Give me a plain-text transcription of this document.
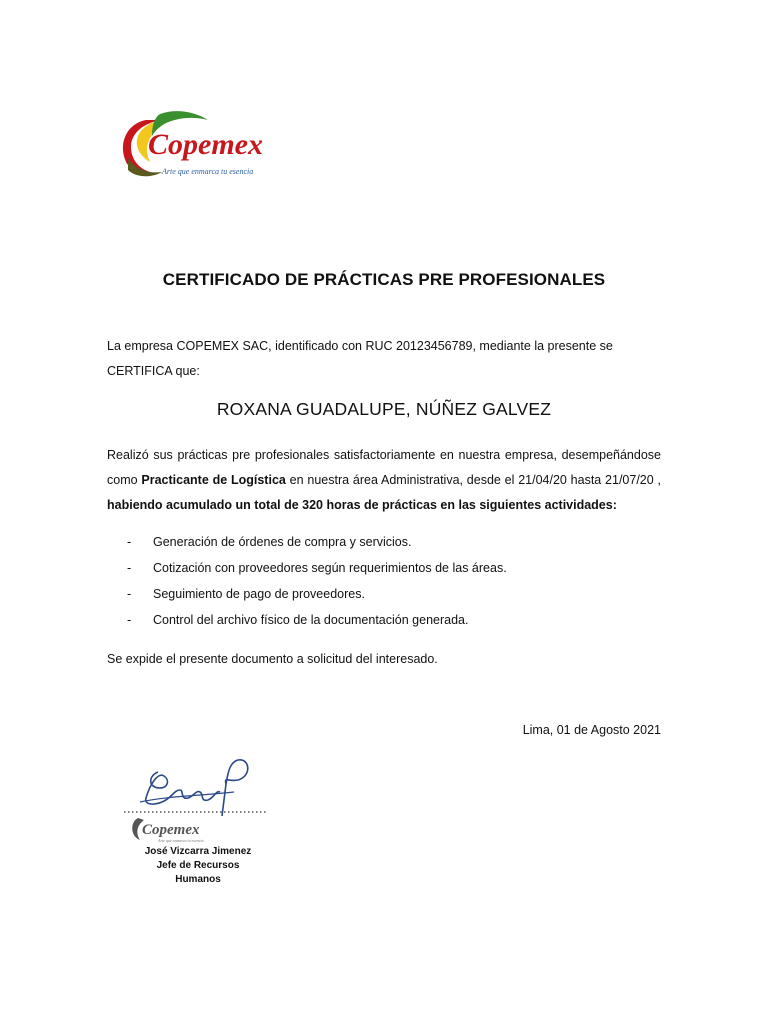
Copemex
Arte que enmarca tu esencia
CERTIFICADO DE PRÁCTICAS PRE PROFESIONALES
La empresa COPEMEX SAC, identificado con RUC 20123456789, mediante la presente se CERTIFICA que:
ROXANA GUADALUPE, NÚÑEZ GALVEZ
Realizó sus prácticas pre profesionales satisfactoriamente en nuestra empresa, desempeñándose como Practicante de Logística en nuestra área Administrativa, desde el 21/04/20 hasta 21/07/20 , habiendo acumulado un total de 320 horas de prácticas en las siguientes actividades:
- Generación de órdenes de compra y servicios.
- Cotización con proveedores según requerimientos de las áreas.
- Seguimiento de pago de proveedores.
- Control del archivo físico de la documentación generada.
Se expide el presente documento a solicitud del interesado.
Lima, 01 de Agosto 2021
Copemex
Arte que enmarca tu esencia
José Vizcarra Jimenez
Jefe de Recursos Humanos
